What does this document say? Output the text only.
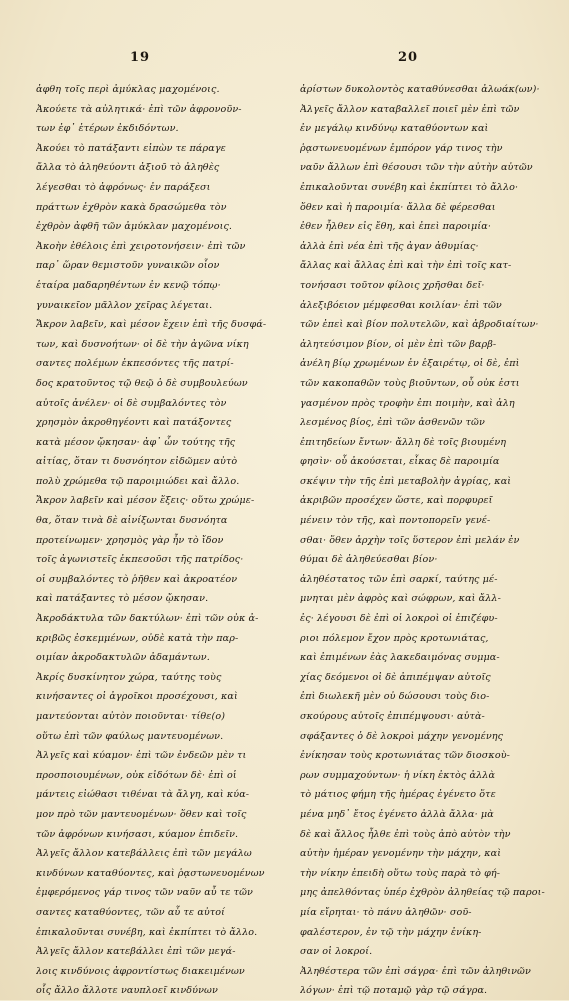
19	20
ἀφθη τοῖς περὶ ἀμύκλας μαχομένοις.
Ἀκούετε τὰ αὐλητικά· ἐπὶ τῶν ἀφρονοῦν-
των ἐφ᾿ ἑτέρων ἐκδιδόντων.
Ἀκούει τὸ πατάξαντι εἰπὼν τε πάραγε
ἄλλα τὸ ἀληθεύοντι ἀξιοῦ τὸ ἀληθὲς
λέγεσθαι τὸ ἀφρόνως· ἐν παράξεσι
πράττων ἐχθρὸν κακὰ δρασώμεθα τὸν
ἐχθρὸν ἀφθῆ τῶν ἀμύκλαν μαχομένοις.
Ἀκοὴν ἐθέλοις ἐπὶ χειροτονήσειν· ἐπὶ τῶν
παρ᾿ ὥραν θεμιστοῦν γυναικῶν οἶον
ἑταίρα μαδαρηθέντων ἐν κενῷ τόπῳ·
γυναικεῖον μᾶλλον χεῖρας λέγεται.
Ἄκρον λαβεῖν, καὶ μέσον ἔχειν ἐπὶ τῆς δυσφά-
των, καὶ δυσνοήτων· οἱ δὲ τὴν ἀγῶνα νίκη
σαντες πολέμων ἐκπεσόντες τῆς πατρί-
δος κρατοῦντος τῷ θεῷ ὁ δὲ συμβουλεύων
αὐτοῖς ἀνέλεν· οἱ δὲ συμβαλόντες τὸν
χρησμὸν ἀκροθηγέοντι καὶ πατάξοντες
κατὰ μέσον ᾤκησαν· ἀφ᾿ ὧν τούτης τῆς
αἰτίας, ὅταν τι δυσνόητον εἰδῶμεν αὐτὸ
πολὺ χρώμεθα τῷ παροιμιώδει καὶ ἄλλο.
Ἄκρον λαβεῖν καὶ μέσον ἕξεις· οὕτω χρώμε-
θα, ὅταν τινὰ δὲ αἰνίξωνται δυσνόητα
προτείνωμεν· χρησμὸς γὰρ ἦν τὸ ἴδον
τοῖς ἀγωνιστεῖς ἐκπεσοῦσι τῆς πατρίδος·
οἱ συμβαλόντες τὸ ῥῆθεν καὶ ἀκροατέον
καὶ πατάξαντες τὸ μέσον ᾤκησαν.
Ἀκροδάκτυλα τῶν δακτύλων· ἐπὶ τῶν οὐκ ἀ-
κριβῶς ἐσκεμμένων, οὐδὲ κατὰ τὴν παρ-
οιμίαν ἀκροδακτυλῶν ἀδαμάντων.
Ἀκρίς δυσκίνητον χώρα, ταύτης τοὺς
κινήσαντες οἱ ἀγροῖκοι προσέχουσι, καὶ
μαντεύονται αὐτὸν ποιοῦνται· τίθε(ο)
οὕτω ἐπὶ τῶν φαύλως μαντευομένων.
Ἀλγεῖς καὶ κύαμον· ἐπὶ τῶν ἐνδεῶν μὲν τι
προσποιουμένων, οὐκ εἰδότων δὲ· ἐπὶ οἱ
μάντεις εἰώθασι τιθέναι τὰ ἄλγη, καὶ κύα-
μον πρὸ τῶν μαντευομένων· ὅθεν καὶ τοῖς
τῶν ἀφρόνων κινήσασι, κύαμον ἐπιδεῖν.
Ἀλγεῖς ἄλλον κατεβάλλεις ἐπὶ τῶν μεγάλω
κινδύνων καταθύοντες, καὶ ῥᾳστωνευομένων
ἐμφερόμενος γάρ τινος τῶν ναῦν αὖ τε τῶν
σαντες καταθύοντες, τῶν αὖ τε αὐτοί
ἐπικαλοῦνται συνέβη, καὶ ἐκπίπτει τὸ ἄλλο.
Ἀλγεῖς ἄλλον κατεβάλλει ἐπὶ τῶν μεγά-
λοις κινδύνοις ἀφροντίστως διακειμένων
οἷς ἄλλο ἄλλοτε ναυπλοεῖ κινδύνων
ἀρίστων δυκολοντὸς καταθύνεσθαι ἀλωάκ(ων)·
Ἀλγεῖς ἄλλον καταβαλλεῖ ποιεῖ μὲν ἐπὶ τῶν
ἐν μεγάλῳ κινδύνῳ καταθύοντων καὶ
ῥᾳστωνευομένων ἐμπόρον γάρ τινος τὴν
ναῦν ἄλλων ἐπὶ θέσουσι τῶν τὴν αὐτὴν αὐτῶν
ἐπικαλοῦνται συνέβη καὶ ἐκπίπτει τὸ ἄλλο·
ὅθεν καὶ ἡ παροιμία· ἄλλα δὲ φέρεσθαι
ἐθεν ἦλθεν εἰς ἔθη, καὶ ἐπεὶ παροιμία·
ἀλλὰ ἐπὶ νέα ἐπὶ τῆς ἀγαν ἀθυμίας·
ἄλλας καὶ ἄλλας ἐπὶ καὶ τὴν ἐπὶ τοῖς κατ-
τονήσασι τοῦτον φίλοις χρῆσθαι δεῖ·
ἀλεξιβόειον μέμφεσθαι κοιλίαν· ἐπὶ τῶν
τῶν ἐπεὶ καὶ βίον πολυτελῶν, καὶ ἀβροδιαίτων·
ἀλητεύσιμον βίον, οἱ μὲν ἐπὶ τῶν βαρβ-
ἀνέλη βίῳ χρωμένων ἐν ἑξαιρέτῳ, οἱ δὲ, ἐπὶ
τῶν κακοπαθῶν τοὺς βιοῦντων, οὗ οὐκ ἐστι
γασμένον πρὸς τροφὴν ἐπι ποιμὴν, καὶ ἀλη
λεσμένος βίος, ἐπὶ τῶν ἀσθενῶν τῶν
ἐπιτηδείων ἔντων· ἄλλη δὲ τοῖς βιουμένη
φησὶν· οὗ ἀκούσεται, εἶκας δὲ παροιμία
σκέψιν τὴν τῆς ἐπὶ μεταβολὴν ἀγρίας, καὶ
ἀκριβῶν προσέχεν ὥστε, καὶ πορφυρεῖ
μένειν τὸν τῆς, καὶ ποντοπορεῖν γενέ-
σθαι· ὅθεν ἀρχὴν τοῖς ὕστερον ἐπὶ μελάν ἐν
θύμαι δὲ ἀληθεύεσθαι βίον·
ἀληθέστατος τῶν ἐπὶ σαρκί, ταύτης μέ-
μνηται μὲν ἀφρὸς καὶ σώφρων, καὶ ἄλλ-
ἐς· λέγουσι δὲ ἐπὶ οἱ λοκροὶ οἱ ἐπιζέφυ-
ριοι πόλεμον ἔχον πρὸς κροτωνιάτας,
καὶ ἐπιμένων ἐὰς λακεδαιμόνας συμμα-
χίας δεόμενοι οἱ δὲ ἀπιπέμψαν αὐτοῖς
ἐπὶ διωλεκῆ μὲν οὐ δώσουσι τοὺς διο-
σκούρους αὐτοῖς ἐπιπέμψουσι· αὐτὰ-
σφάξαντες ὁ δὲ λοκροὶ μάχην γενομένης
ἐνίκησαν τοὺς κροτωνιάτας τῶν διοσκοὺ-
ρων συμμαχούντων· ἡ νίκη ἐκτὸς ἀλλὰ
τὸ μάτιος φήμη τῆς ἡμέρας ἐγένετο ὅτε
μένα μηδ᾿ ἔτος ἐγένετο ἀλλὰ ἄλλα· μὰ
δὲ καὶ ἄλλος ἦλθε ἐπὶ τοὺς ἀπὸ αὐτὸν τὴν
αὐτὴν ἡμέραν γενομένην τὴν μάχην, καὶ
τὴν νίκην ἐπειδὴ οὕτω τοὺς παρὰ τὸ φή-
μης ἀπελθόντας ὑπέρ ἐχθρὸν ἀληθείας τῷ παροι-
μία εἴρηται· τὸ πάνυ ἀληθῶν· σοῦ-
φαλέστερον, ἐν τῷ τὴν μάχην ἐνίκη-
σαν οἱ λοκροί.
Ἀληθέστερα τῶν ἐπὶ σάγρα· ἐπὶ τῶν ἀληθινῶν
λόγων· ἐπὶ τῷ ποταμῷ γὰρ τῷ σάγρα.
